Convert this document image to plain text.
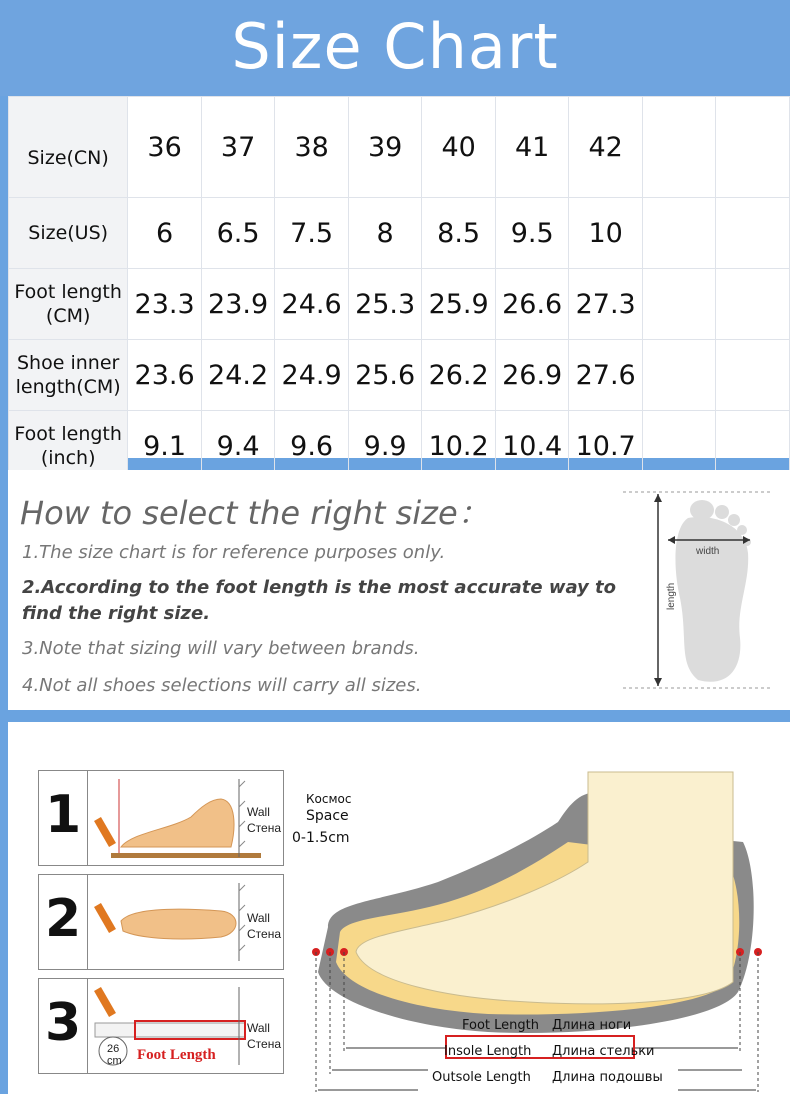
Size Chart
Size(CN)	36	37	38	39	40	41	42		
Size(US)	6	6.5	7.5	8	8.5	9.5	10		
Foot length (CM)	23.3	23.9	24.6	25.3	25.9	26.6	27.3		
Shoe inner length(CM)	23.6	24.2	24.9	25.6	26.2	26.9	27.6		
Foot length (inch)	9.1	9.4	9.6	9.9	10.2	10.4	10.7		
How to select the right size：
1.The size chart is for reference purposes only.
2.According to the foot length is the most accurate way to find the right size.
3.Note that sizing will vary between brands.
4.Not all shoes selections will carry all sizes.
width
length
1	Wall
Стена
2	Wall
Стена
3 26
cm Foot Length
Wall
Стена
Космос
Space
0-1.5cm
Foot Length Длина ноги
Insole Length Длина стельки
Outsole Length Длина подошвы
